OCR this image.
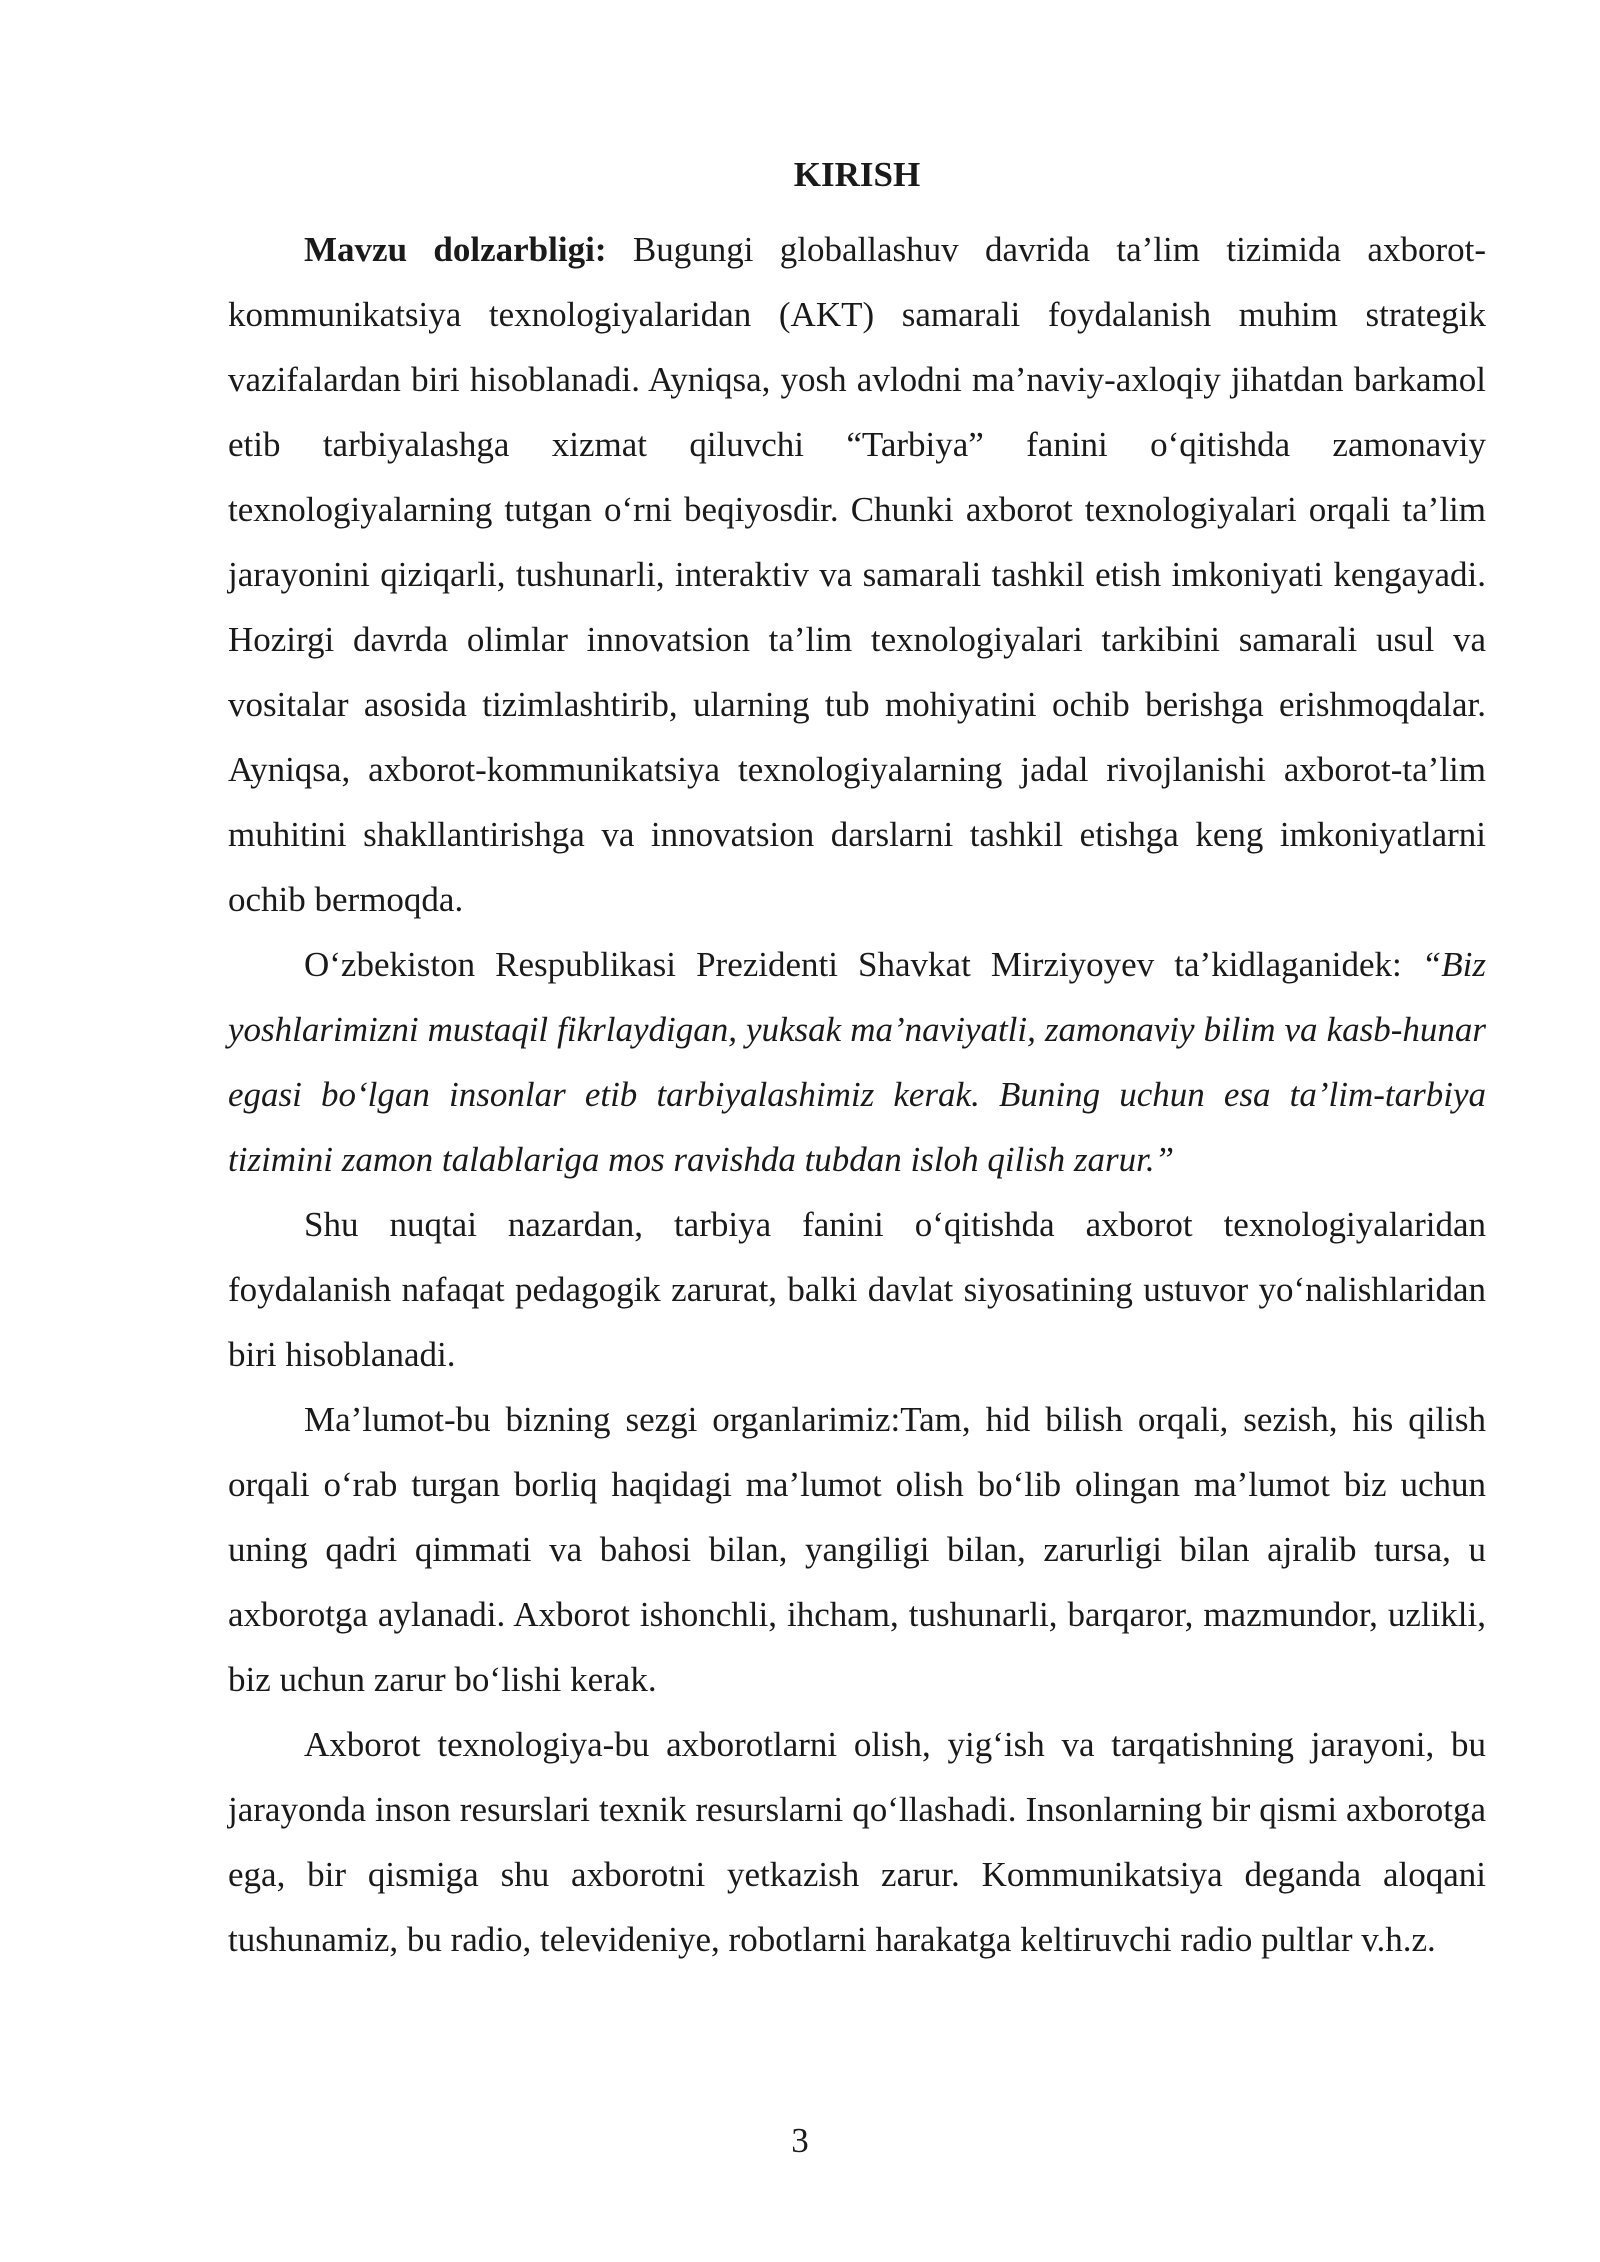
KIRISH

Mavzu dolzarbligi: Bugungi globallashuv davrida ta’lim tizimida axborot-kommunikatsiya texnologiyalaridan (AKT) samarali foydalanish muhim strategik vazifalardan biri hisoblanadi. Ayniqsa, yosh avlodni ma’naviy-axloqiy jihatdan barkamol etib tarbiyalashga xizmat qiluvchi “Tarbiya” fanini o‘qitishda zamonaviy texnologiyalarning tutgan o‘rni beqiyosdir. Chunki axborot texnologiyalari orqali ta’lim jarayonini qiziqarli, tushunarli, interaktiv va samarali tashkil etish imkoniyati kengayadi. Hozirgi davrda olimlar innovatsion ta’lim texnologiyalari tarkibini samarali usul va vositalar asosida tizimlashtirib, ularning tub mohiyatini ochib berishga erishmoqdalar. Ayniqsa, axborot-kommunikatsiya texnologiyalarning jadal rivojlanishi axborot-ta’lim muhitini shakllantirishga va innovatsion darslarni tashkil etishga keng imkoniyatlarni ochib bermoqda.

O‘zbekiston Respublikasi Prezidenti Shavkat Mirziyoyev ta’kidlaganidek: “Biz yoshlarimizni mustaqil fikrlaydigan, yuksak ma’naviyatli, zamonaviy bilim va kasb-hunar egasi bo‘lgan insonlar etib tarbiyalashimiz kerak. Buning uchun esa ta’lim-tarbiya tizimini zamon talablariga mos ravishda tubdan isloh qilish zarur.”

Shu nuqtai nazardan, tarbiya fanini o‘qitishda axborot texnologiyalaridan foydalanish nafaqat pedagogik zarurat, balki davlat siyosatining ustuvor yo‘nalishlaridan biri hisoblanadi.

Ma’lumot-bu bizning sezgi organlarimiz:Tam, hid bilish orqali, sezish, his qilish orqali o‘rab turgan borliq haqidagi ma’lumot olish bo‘lib olingan ma’lumot biz uchun uning qadri qimmati va bahosi bilan, yangiligi bilan, zarurligi bilan ajralib tursa, u axborotga aylanadi. Axborot ishonchli, ihcham, tushunarli, barqaror, mazmundor, uzlikli, biz uchun zarur bo‘lishi kerak.

Axborot texnologiya-bu axborotlarni olish, yig‘ish va tarqatishning jarayoni, bu jarayonda inson resurslari texnik resurslarni qo‘llashadi. Insonlarning bir qismi axborotga ega, bir qismiga shu axborotni yetkazish zarur. Kommunikatsiya deganda aloqani tushunamiz, bu radio, televideniye, robotlarni harakatga keltiruvchi radio pultlar v.h.z.

3
